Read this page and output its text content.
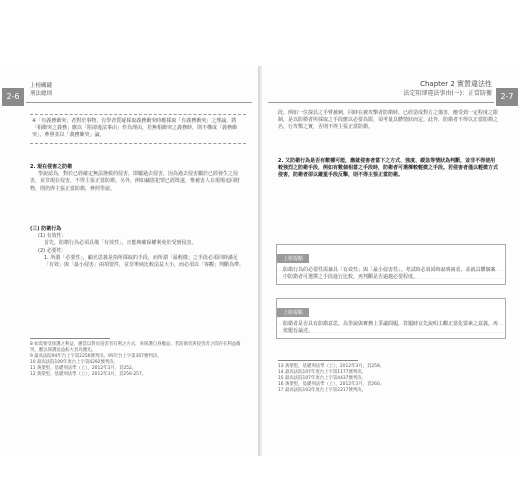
2-6
上榜關鍵
刑法總則
※「有義務衝突」者對於事物，有學者質疑採取義務衝突時應採取「有義務衝突」之理論，將「相衝突之義務」應以「阻卻違法事由」作為理由，若無相衝突之義務時，則不構成「義務衝突」，參照並以「義務衝突」論。
2. 現在侵害之防衛
學說認為，對於已經確定無法挽救的侵害，即屬過去侵害，因為過去侵害屬於已經發生之侵害，並非現在侵害，不得主張正當防衛。另外，例如竊盜犯罪已經既遂，惟被害人在現場追回財物，則仍得主張正當防衛，參照學說。
(三) 防衛行為
(1) 有效性：
首先，防衛行為必須具備「有效性」，且能夠確保權利免於受到侵害。
(2) 必要性：
1. 所謂「必要性」，顧名思義是指所採取的手段，而所謂「最輕微」之手段必須同時滿足「有效」與「最小侵害」兩項要件，並非單純比較法益大小，而必須以「客觀」判斷為準。
8 如需要受保護之利益，應當以對於侵害者有利之方式，來保護自身權益；若防衛者與侵害者之間存在利益衝突，應以保護法益較大者為優先。
9 最高法院94年台上字第2256號判決、95年台上字第307號判決。
10 最高法院100年度台上字第4292號判決。
11 黃榮堅，基礎刑法學（上），2012年3月，頁252。
12 黃榮堅，基礎刑法學（上），2012年3月，頁256-257。
2-7
Chapter 2 實質違法性
法定阻卻違法事由(一)：正當防衛
段。例如一位探員之手臂被刺，同時在被攻擊者防衛時，已經造成對方之傷害，應受到一定程度之限制，是以防衛者所採取之手段應以必要為限，須考量具體情狀而定。此外，防衛者不得以正當防衛之名，行攻擊之實，否則不得主張正當防衛。
2. 又防衛行為是否有數種可能，應就侵害者當下之方式、強度、緩急等情狀為判斷，並非不得使用較強烈之防衛手段，例如有數個相當之手段時，防衛者可選擇較輕微之手段。若侵害者僅以輕微方式侵害，防衛者卻以嚴重手段反擊，則不得主張正當防衛。
上榜提點
防衛行為的必要性需兼具「有效性」與「最小侵害性」，考試時必須同時說明兩者，並就具體個案中防衛者可選擇之手段進行比較，再判斷是否逾越必要程度。
上榜提點
防衛者是否具有防衛意思，為學說與實務上爭議問題，答題時宜先說明主觀正當化要素之意義，再依題旨論述。
13 黃榮堅，基礎刑法學（上），2012年3月，頁258。
14 最高法院107年度台上字第1177號判決。
15 最高法院107年度台上字第4437號判決。
16 黃榮堅，基礎刑法學（上），2012年3月，頁260。
17 最高法院103年度台上字第2217號判決。
